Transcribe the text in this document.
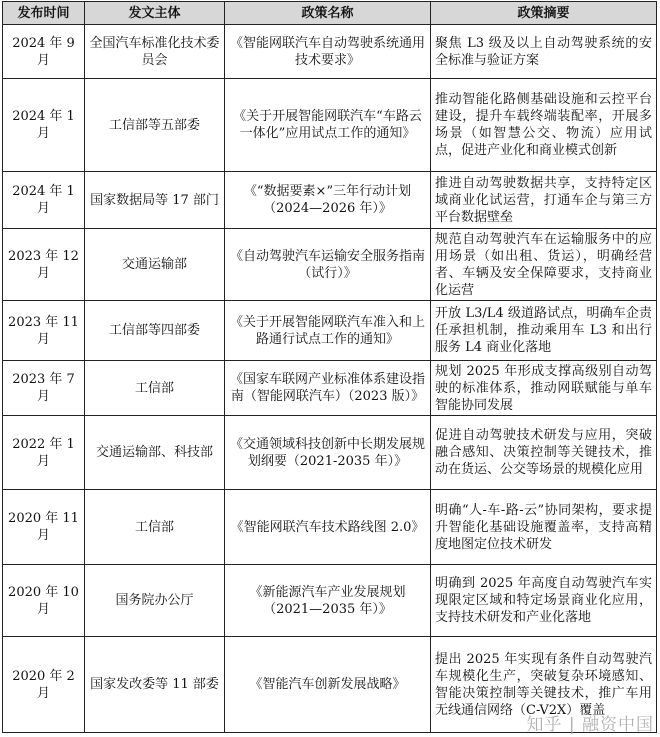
发布时间	发文主体	政策名称	政策摘要
2024 年 9 月	全国汽车标准化技术委员会	《智能网联汽车自动驾驶系统通用技术要求》	聚焦 L3 级及以上自动驾驶系统的安全标准与验证方案
2024 年 1 月	工信部等五部委	《关于开展智能网联汽车“车路云一体化”应用试点工作的通知》	推动智能化路侧基础设施和云控平台建设，提升车载终端装配率，开展多场景（如智慧公交、物流）应用试点，促进产业化和商业模式创新
2024 年 1 月	国家数据局等 17 部门	《“数据要素×”三年行动计划（2024—2026 年）》	推进自动驾驶数据共享，支持特定区域商业化试运营，打通车企与第三方平台数据壁垒
2023 年 12 月	交通运输部	《自动驾驶汽车运输安全服务指南（试行）》	规范自动驾驶汽车在运输服务中的应用场景（如出租、货运），明确经营者、车辆及安全保障要求，支持商业化运营
2023 年 11 月	工信部等四部委	《关于开展智能网联汽车准入和上路通行试点工作的通知》	开放 L3/L4 级道路试点，明确车企责任承担机制，推动乘用车 L3 和出行服务 L4 商业化落地
2023 年 7 月	工信部	《国家车联网产业标准体系建设指南（智能网联汽车）（2023 版）》	规划 2025 年形成支撑高级别自动驾驶的标准体系，推动网联赋能与单车智能协同发展
2022 年 1 月	交通运输部、科技部	《交通领域科技创新中长期发展规划纲要（2021-2035 年）》	促进自动驾驶技术研发与应用，突破融合感知、决策控制等关键技术，推动在货运、公交等场景的规模化应用
2020 年 11 月	工信部	《智能网联汽车技术路线图 2.0》	明确“人-车-路-云”协同架构，要求提升智能化基础设施覆盖率，支持高精度地图定位技术研发
2020 年 10 月	国务院办公厅	《新能源汽车产业发展规划（2021—2035 年）》	明确到 2025 年高度自动驾驶汽车实现限定区域和特定场景商业化应用，支持技术研发和产业化落地
2020 年 2 月	国家发改委等 11 部委	《智能汽车创新发展战略》	提出 2025 年实现有条件自动驾驶汽车规模化生产，突破复杂环境感知、智能决策控制等关键技术，推广车用无线通信网络（C-V2X）覆盖
知乎 | 融资中国
